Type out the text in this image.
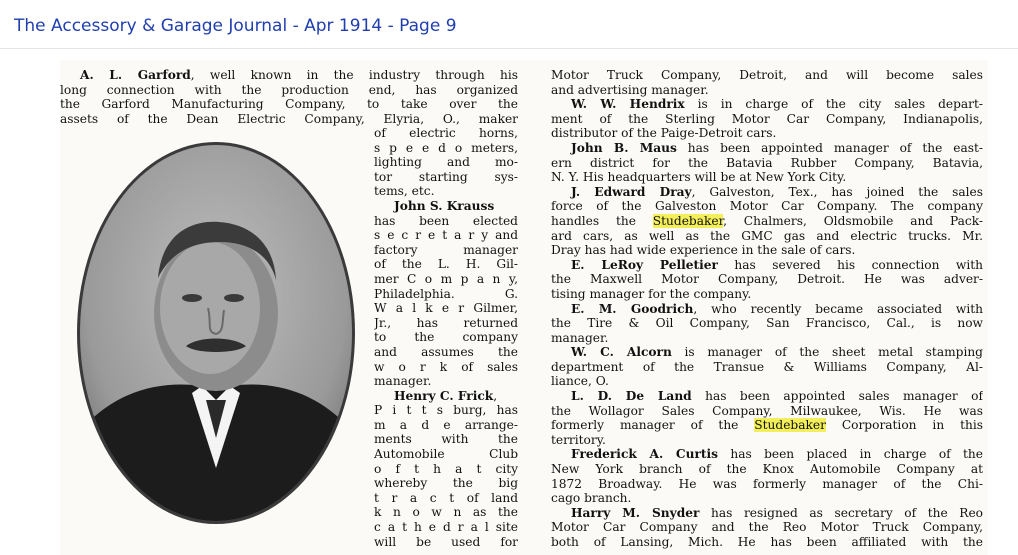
The Accessory & Garage Journal - Apr 1914 - Page 9
A. L. Garford, well known in the industry through his
long connection with the production end, has organized
the Garford Manufacturing Company, to take over the
assets of the Dean Electric Company, Elyria, O., maker
of electric horns,
s p e e d o meters,
lighting and mo-
tor starting sys-
tems, etc.
John S. Krauss
has been elected
s e c r e t a r y and
factory manager
of the L. H. Gil-
mer C o m p a n y,
Philadelphia. G.
W a l k e r Gilmer,
Jr., has returned
to the company
and assumes the
w o r k of sales
manager.
Henry C. Frick,
P i t t s burg, has
m a d e arrange-
ments with the
Automobile Club
o f t h a t city
whereby the big
t r a c t of land
k n o w n as the
c a t h e d r a l site
will be used for
Motor Truck Company, Detroit, and will become sales
and advertising manager.
W. W. Hendrix is in charge of the city sales depart-
ment of the Sterling Motor Car Company, Indianapolis,
distributor of the Paige-Detroit cars.
John B. Maus has been appointed manager of the east-
ern district for the Batavia Rubber Company, Batavia,
N. Y. His headquarters will be at New York City.
J. Edward Dray, Galveston, Tex., has joined the sales
force of the Galveston Motor Car Company. The company
handles the Studebaker, Chalmers, Oldsmobile and Pack-
ard cars, as well as the GMC gas and electric trucks. Mr.
Dray has had wide experience in the sale of cars.
E. LeRoy Pelletier has severed his connection with
the Maxwell Motor Company, Detroit. He was adver-
tising manager for the company.
E. M. Goodrich, who recently became associated with
the Tire & Oil Company, San Francisco, Cal., is now
manager.
W. C. Alcorn is manager of the sheet metal stamping
department of the Transue & Williams Company, Al-
liance, O.
L. D. De Land has been appointed sales manager of
the Wollagor Sales Company, Milwaukee, Wis. He was
formerly manager of the Studebaker Corporation in this
territory.
Frederick A. Curtis has been placed in charge of the
New York branch of the Knox Automobile Company at
1872 Broadway. He was formerly manager of the Chi-
cago branch.
Harry M. Snyder has resigned as secretary of the Reo
Motor Car Company and the Reo Motor Truck Company,
both of Lansing, Mich. He has been affiliated with the
